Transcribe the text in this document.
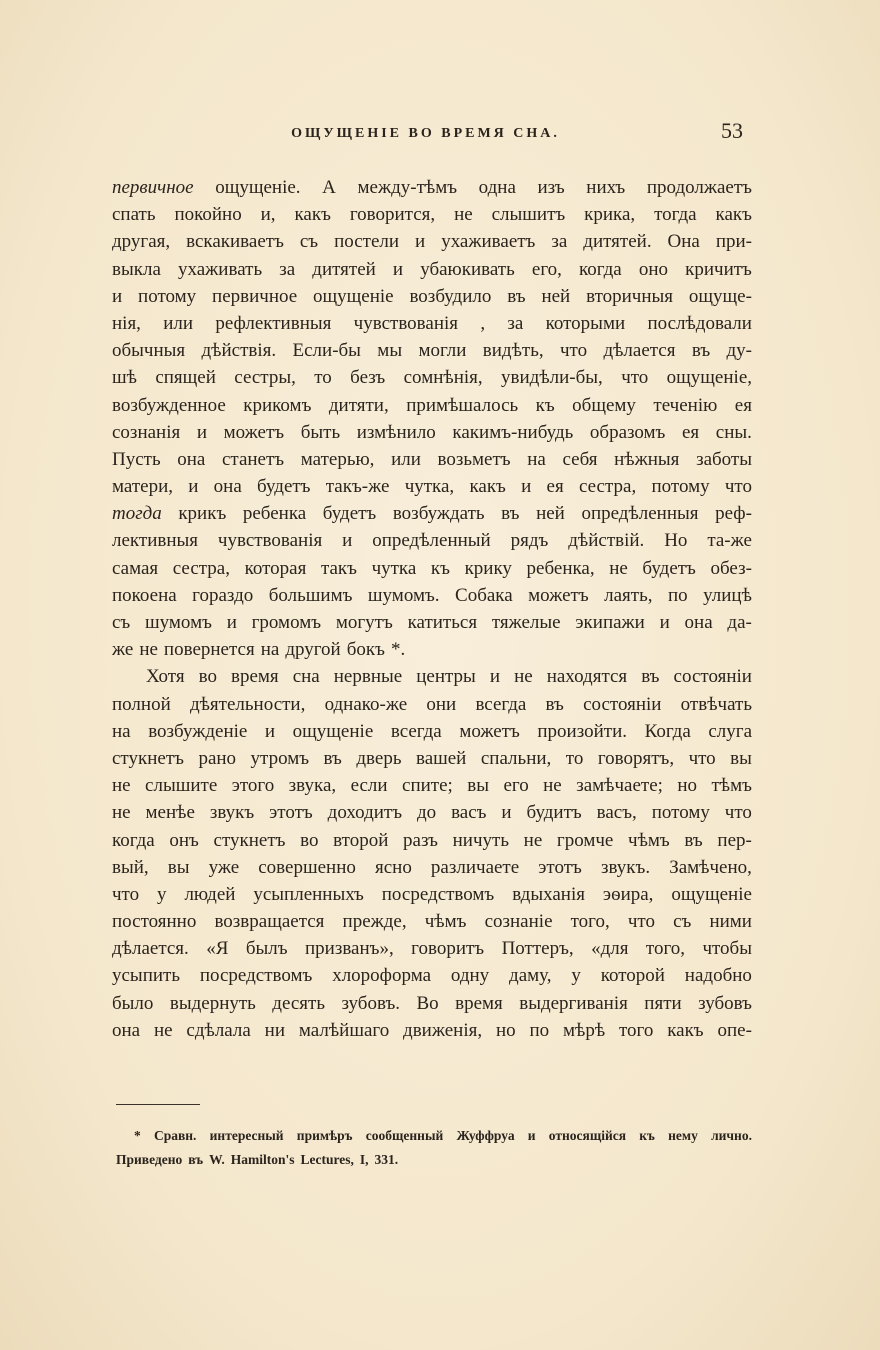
ОЩУЩЕНІЕ ВО ВРЕМЯ СНА.	53
первичное ощущеніе. А между-тѣмъ одна изъ нихъ продолжаетъ
спать покойно и, какъ говорится, не слышитъ крика, тогда какъ
другая, вскакиваетъ съ постели и ухаживаетъ за дитятей. Она при-
выкла ухаживать за дитятей и убаюкивать его, когда оно кричитъ
и потому первичное ощущеніе возбудило въ ней вторичныя ощуще-
нія, или рефлективныя чувствованія , за которыми послѣдовали
обычныя дѣйствія. Если-бы мы могли видѣть, что дѣлается въ ду-
шѣ спящей сестры, то безъ сомнѣнія, увидѣли-бы, что ощущеніе,
возбужденное крикомъ дитяти, примѣшалось къ общему теченію ея
сознанія и можетъ быть измѣнило какимъ-нибудь образомъ ея сны.
Пусть она станетъ матерью, или возьметъ на себя нѣжныя заботы
матери, и она будетъ такъ-же чутка, какъ и ея сестра, потому что
тогда крикъ ребенка будетъ возбуждать въ ней опредѣленныя реф-
лективныя чувствованія и опредѣленный рядъ дѣйствій. Но та-же
самая сестра, которая такъ чутка къ крику ребенка, не будетъ обез-
покоена гораздо большимъ шумомъ. Собака можетъ лаять, по улицѣ
съ шумомъ и громомъ могутъ катиться тяжелые экипажи и она да-
же не повернется на другой бокъ *.
Хотя во время сна нервные центры и не находятся въ состояніи
полной дѣятельности, однако-же они всегда въ состояніи отвѣчать
на возбужденіе и ощущеніе всегда можетъ произойти. Когда слуга
стукнетъ рано утромъ въ дверь вашей спальни, то говорятъ, что вы
не слышите этого звука, если спите; вы его не замѣчаете; но тѣмъ
не менѣе звукъ этотъ доходитъ до васъ и будитъ васъ, потому что
когда онъ стукнетъ во второй разъ ничуть не громче чѣмъ въ пер-
вый, вы уже совершенно ясно различаете этотъ звукъ. Замѣчено,
что у людей усыпленныхъ посредствомъ вдыханія эѳира, ощущеніе
постоянно возвращается прежде, чѣмъ сознаніе того, что съ ними
дѣлается. «Я былъ призванъ», говоритъ Поттеръ, «для того, чтобы
усыпить посредствомъ хлороформа одну даму, у которой надобно
было выдернуть десять зубовъ. Во время выдергиванія пяти зубовъ
она не сдѣлала ни малѣйшаго движенія, но по мѣрѣ того какъ опе-
* Сравн. интересный примѣръ сообщенный Жуффруа и относящійся къ нему лично.
Приведено въ W. Hamilton's Lectures, I, 331.
